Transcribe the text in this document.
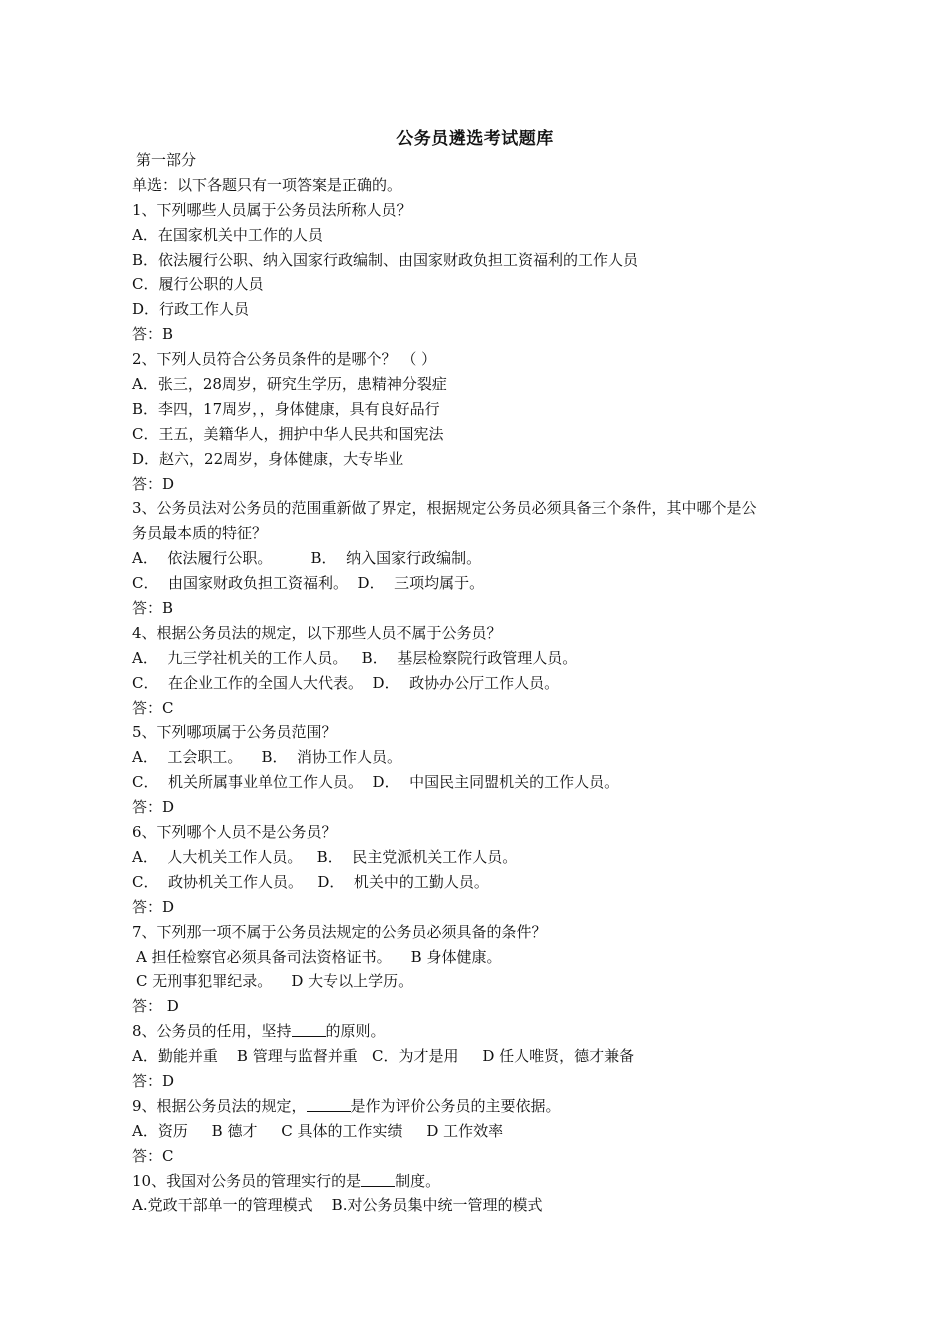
公务员遴选考试题库
第一部分
单选：以下各题只有一项答案是正确的。
1、下列哪些人员属于公务员法所称人员？
A．在国家机关中工作的人员
B．依法履行公职、纳入国家行政编制、由国家财政负担工资福利的工作人员
C．履行公职的人员
D．行政工作人员
答：B
2、下列人员符合公务员条件的是哪个？ （ ）
A．张三，28周岁，研究生学历，患精神分裂症
B．李四，17周岁，，身体健康，具有良好品行
C．王五，美籍华人，拥护中华人民共和国宪法
D．赵六，22周岁，身体健康，大专毕业
答：D
3、公务员法对公务员的范围重新做了界定，根据规定公务员必须具备三个条件，其中哪个是公
务员最本质的特征？
A．  依法履行公职。        B．  纳入国家行政编制。
C．  由国家财政负担工资福利。  D．  三项均属于。
答：B
4、根据公务员法的规定，以下那些人员不属于公务员？
A．  九三学社机关的工作人员。   B．  基层检察院行政管理人员。
C．  在企业工作的全国人大代表。  D．  政协办公厅工作人员。
答：C
5、下列哪项属于公务员范围？
A．  工会职工。    B．  消协工作人员。
C．  机关所属事业单位工作人员。  D．  中国民主同盟机关的工作人员。
答：D
6、下列哪个人员不是公务员？
A．  人大机关工作人员。   B．  民主党派机关工作人员。
C．  政协机关工作人员。   D．  机关中的工勤人员。
答：D
7、下列那一项不属于公务员法规定的公务员必须具备的条件？
A 担任检察官必须具备司法资格证书。    B 身体健康。
C 无刑事犯罪纪录。    D 大专以上学历。
答： D
8、公务员的任用，坚持 的原则。
A．勤能并重    B 管理与监督并重   C．为才是用     D 任人唯贤，德才兼备
答：D
9、根据公务员法的规定，	是作为评价公务员的主要依据。
A．资历     B 德才     C 具体的工作实绩     D 工作效率
答：C
10、我国对公务员的管理实行的是 制度。
A.党政干部单一的管理模式    B.对公务员集中统一管理的模式
